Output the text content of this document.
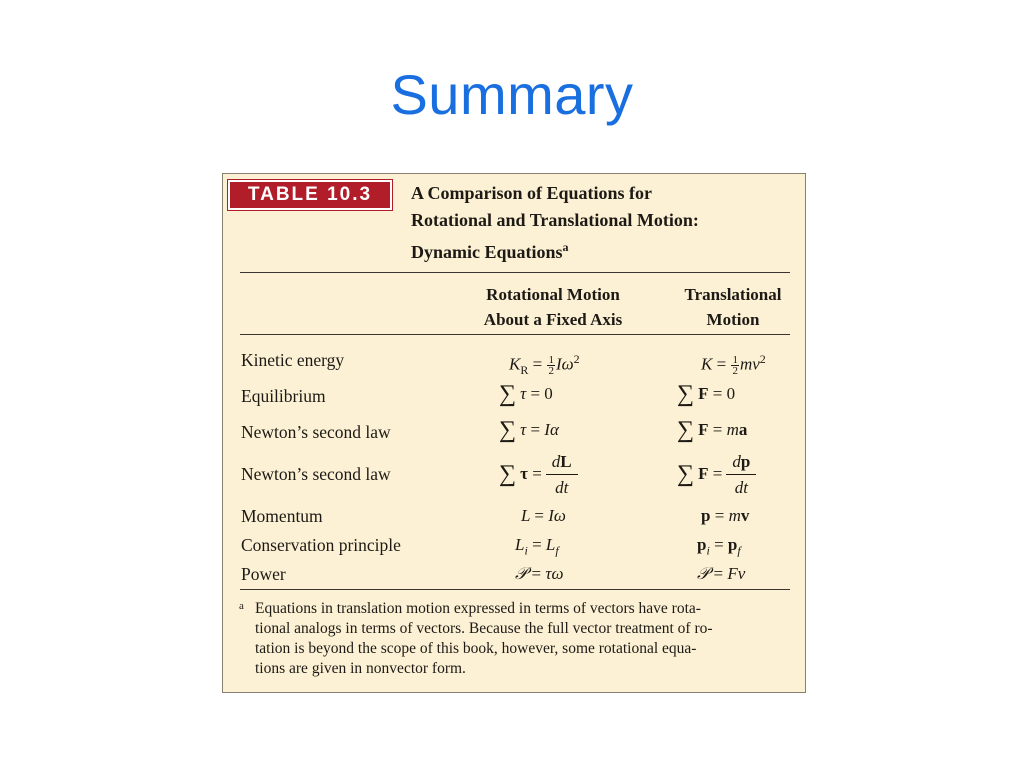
Summary
TABLE 10.3	A Comparison of Equations for
Rotational and Translational Motion:
Dynamic Equations$^a$
Rotational Motion
About a Fixed Axis
Translational
Motion
Kinetic energy
Equilibrium
Newton’s second law
Newton’s second law
Momentum
Conservation principle
Power
$K_R = \frac{1}{2} I\omega^2$
∑ τ = 0
∑ τ = Iα
∑ $\tau = \frac{dL}{dt}$
L = Iω
$L_i = L_f$
𝒫 = τω
$K = \frac{1}{2} mv^2$
∑ F = 0
∑ F = ma
∑ $F = \frac{dp}{dt}$
p = mv
$p_i = p_f$
𝒫 = Fv
a Equations in translation motion expressed in terms of vectors have rota-
tional analogs in terms of vectors. Because the full vector treatment of ro-
tation is beyond the scope of this book, however, some rotational equa-
tions are given in nonvector form.
